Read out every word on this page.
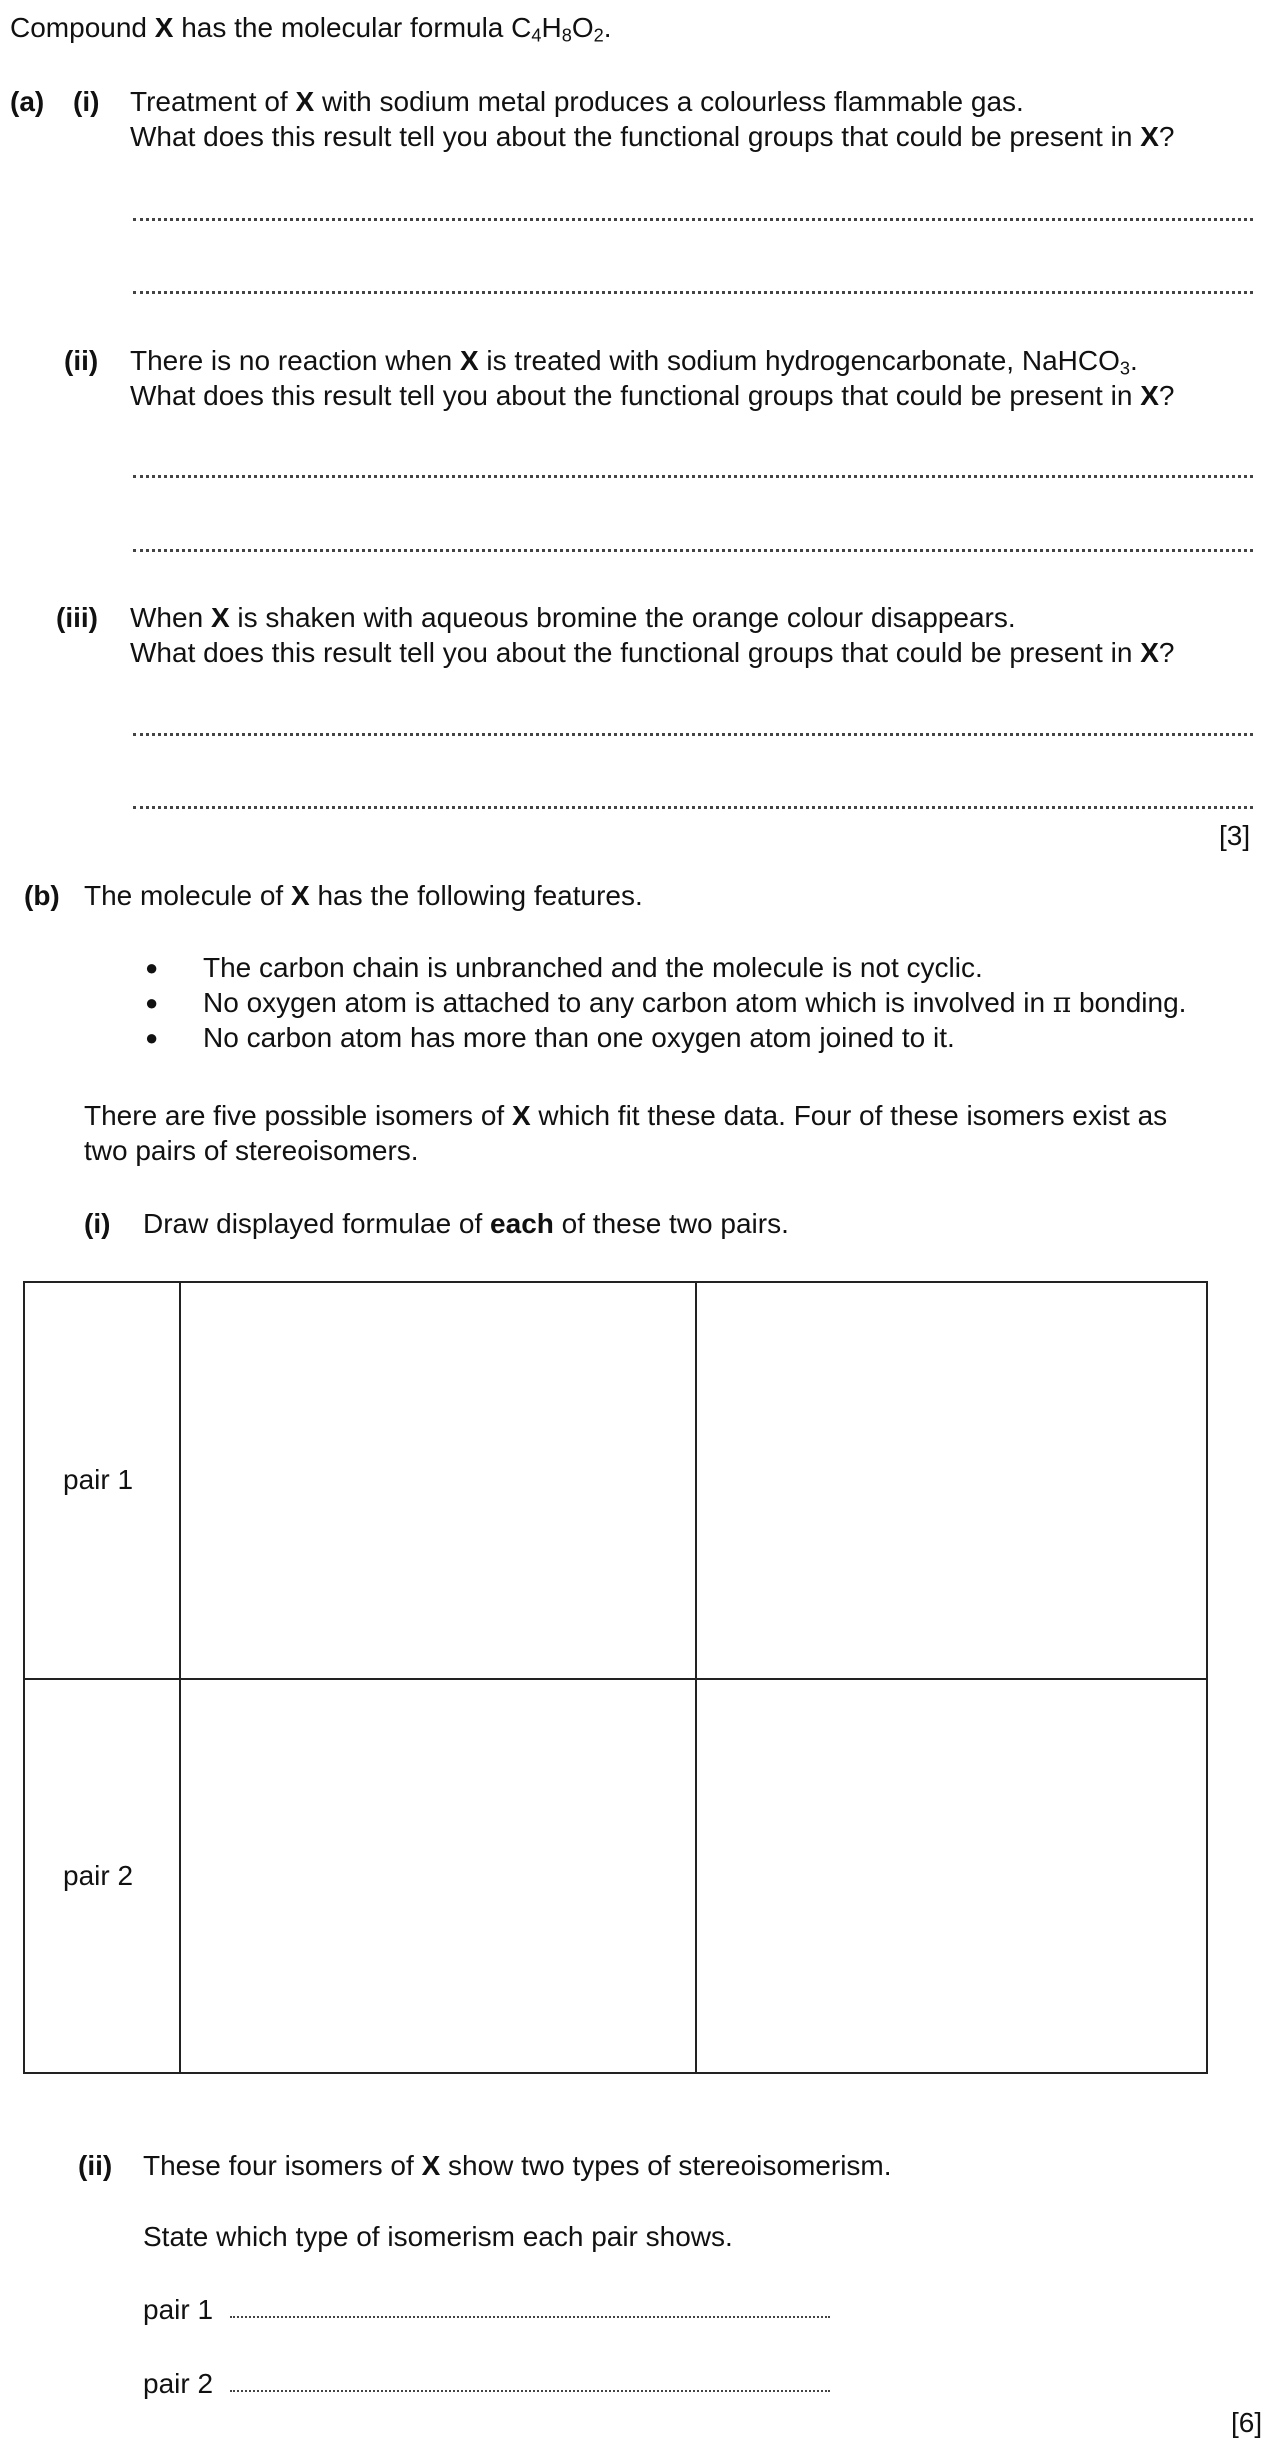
Compound X has the molecular formula $C_4H_8O_2$.
(a) (i) Treatment of X with sodium metal produces a colourless flammable gas.
What does this result tell you about the functional groups that could be present in X?
(ii) There is no reaction when X is treated with sodium hydrogencarbonate, NaHCO$_3$.
What does this result tell you about the functional groups that could be present in X?
(iii) When X is shaken with aqueous bromine the orange colour disappears.
What does this result tell you about the functional groups that could be present in X?
[3]
(b) The molecule of X has the following features.
● The carbon chain is unbranched and the molecule is not cyclic.
● No oxygen atom is attached to any carbon atom which is involved in π bonding.
● No carbon atom has more than one oxygen atom joined to it.
There are five possible isomers of X which fit these data. Four of these isomers exist as
two pairs of stereoisomers.
(i) Draw displayed formulae of each of these two pairs.
pair 1
pair 2
(ii) These four isomers of X show two types of stereoisomerism.
State which type of isomerism each pair shows.
pair 1
pair 2
[6]
